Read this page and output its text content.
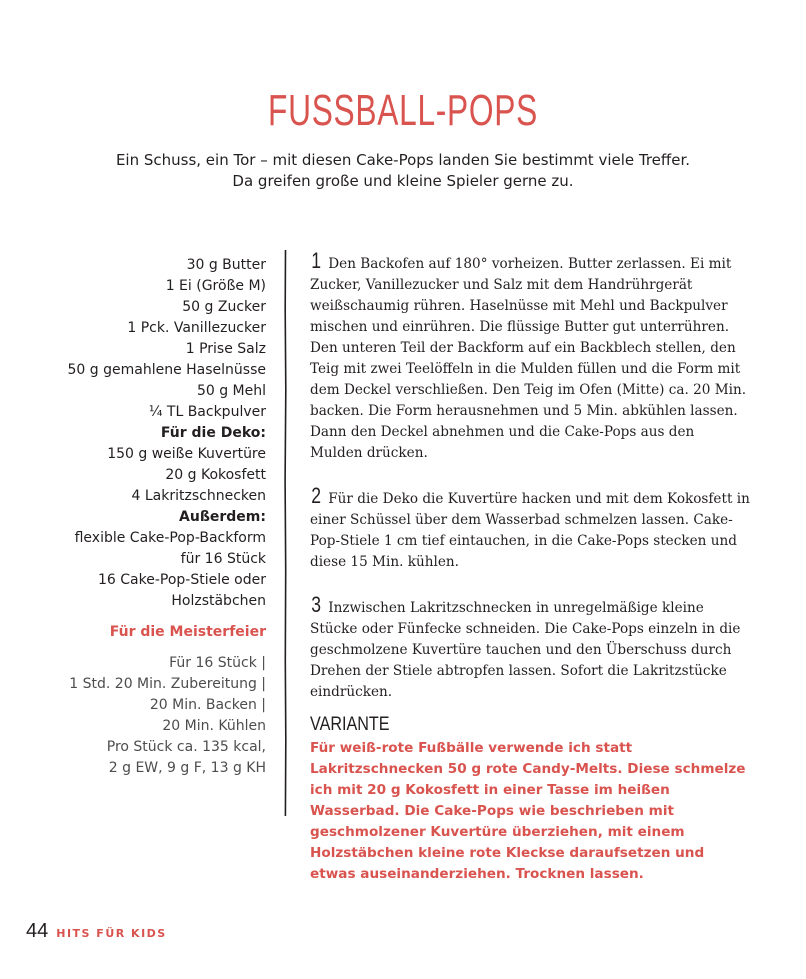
FUSSBALL-POPS
Ein Schuss, ein Tor – mit diesen Cake-Pops landen Sie bestimmt viele Treffer.
Da greifen große und kleine Spieler gerne zu.
30 g Butter
1 Ei (Größe M)
50 g Zucker
1 Pck. Vanillezucker
1 Prise Salz
50 g gemahlene Haselnüsse
50 g Mehl
¼ TL Backpulver
Für die Deko:
150 g weiße Kuvertüre
20 g Kokosfett
4 Lakritzschnecken
Außerdem:
flexible Cake-Pop-Backform
für 16 Stück
16 Cake-Pop-Stiele oder
Holzstäbchen
Für die Meisterfeier
Für 16 Stück |
1 Std. 20 Min. Zubereitung |
20 Min. Backen |
20 Min. Kühlen
Pro Stück ca. 135 kcal,
2 g EW, 9 g F, 13 g KH
1 Den Backofen auf 180° vorheizen. Butter zerlassen. Ei mit Zucker, Vanillezucker und Salz mit dem Handrührgerät weißschaumig rühren. Haselnüsse mit Mehl und Backpulver mischen und einrühren. Die flüssige Butter gut unterrühren. Den unteren Teil der Backform auf ein Backblech stellen, den Teig mit zwei Teelöffeln in die Mulden füllen und die Form mit dem Deckel verschließen. Den Teig im Ofen (Mitte) ca. 20 Min. backen. Die Form herausnehmen und 5 Min. abkühlen lassen. Dann den Deckel abnehmen und die Cake-Pops aus den Mulden drücken.
2 Für die Deko die Kuvertüre hacken und mit dem Kokosfett in einer Schüssel über dem Wasserbad schmelzen lassen. Cake-Pop-Stiele 1 cm tief eintauchen, in die Cake-Pops stecken und diese 15 Min. kühlen.
3 Inzwischen Lakritzschnecken in unregelmäßige kleine Stücke oder Fünfecke schneiden. Die Cake-Pops einzeln in die geschmolzene Kuvertüre tauchen und den Überschuss durch Drehen der Stiele abtropfen lassen. Sofort die Lakritzstücke eindrücken.
VARIANTE
Für weiß-rote Fußbälle verwende ich statt Lakritzschnecken 50 g rote Candy-Melts. Diese schmelze ich mit 20 g Kokosfett in einer Tasse im heißen Wasserbad. Die Cake-Pops wie beschrieben mit geschmolzener Kuvertüre überziehen, mit einem Holzstäbchen kleine rote Kleckse daraufsetzen und etwas auseinanderziehen. Trocknen lassen.
44 HITS FÜR KIDS
